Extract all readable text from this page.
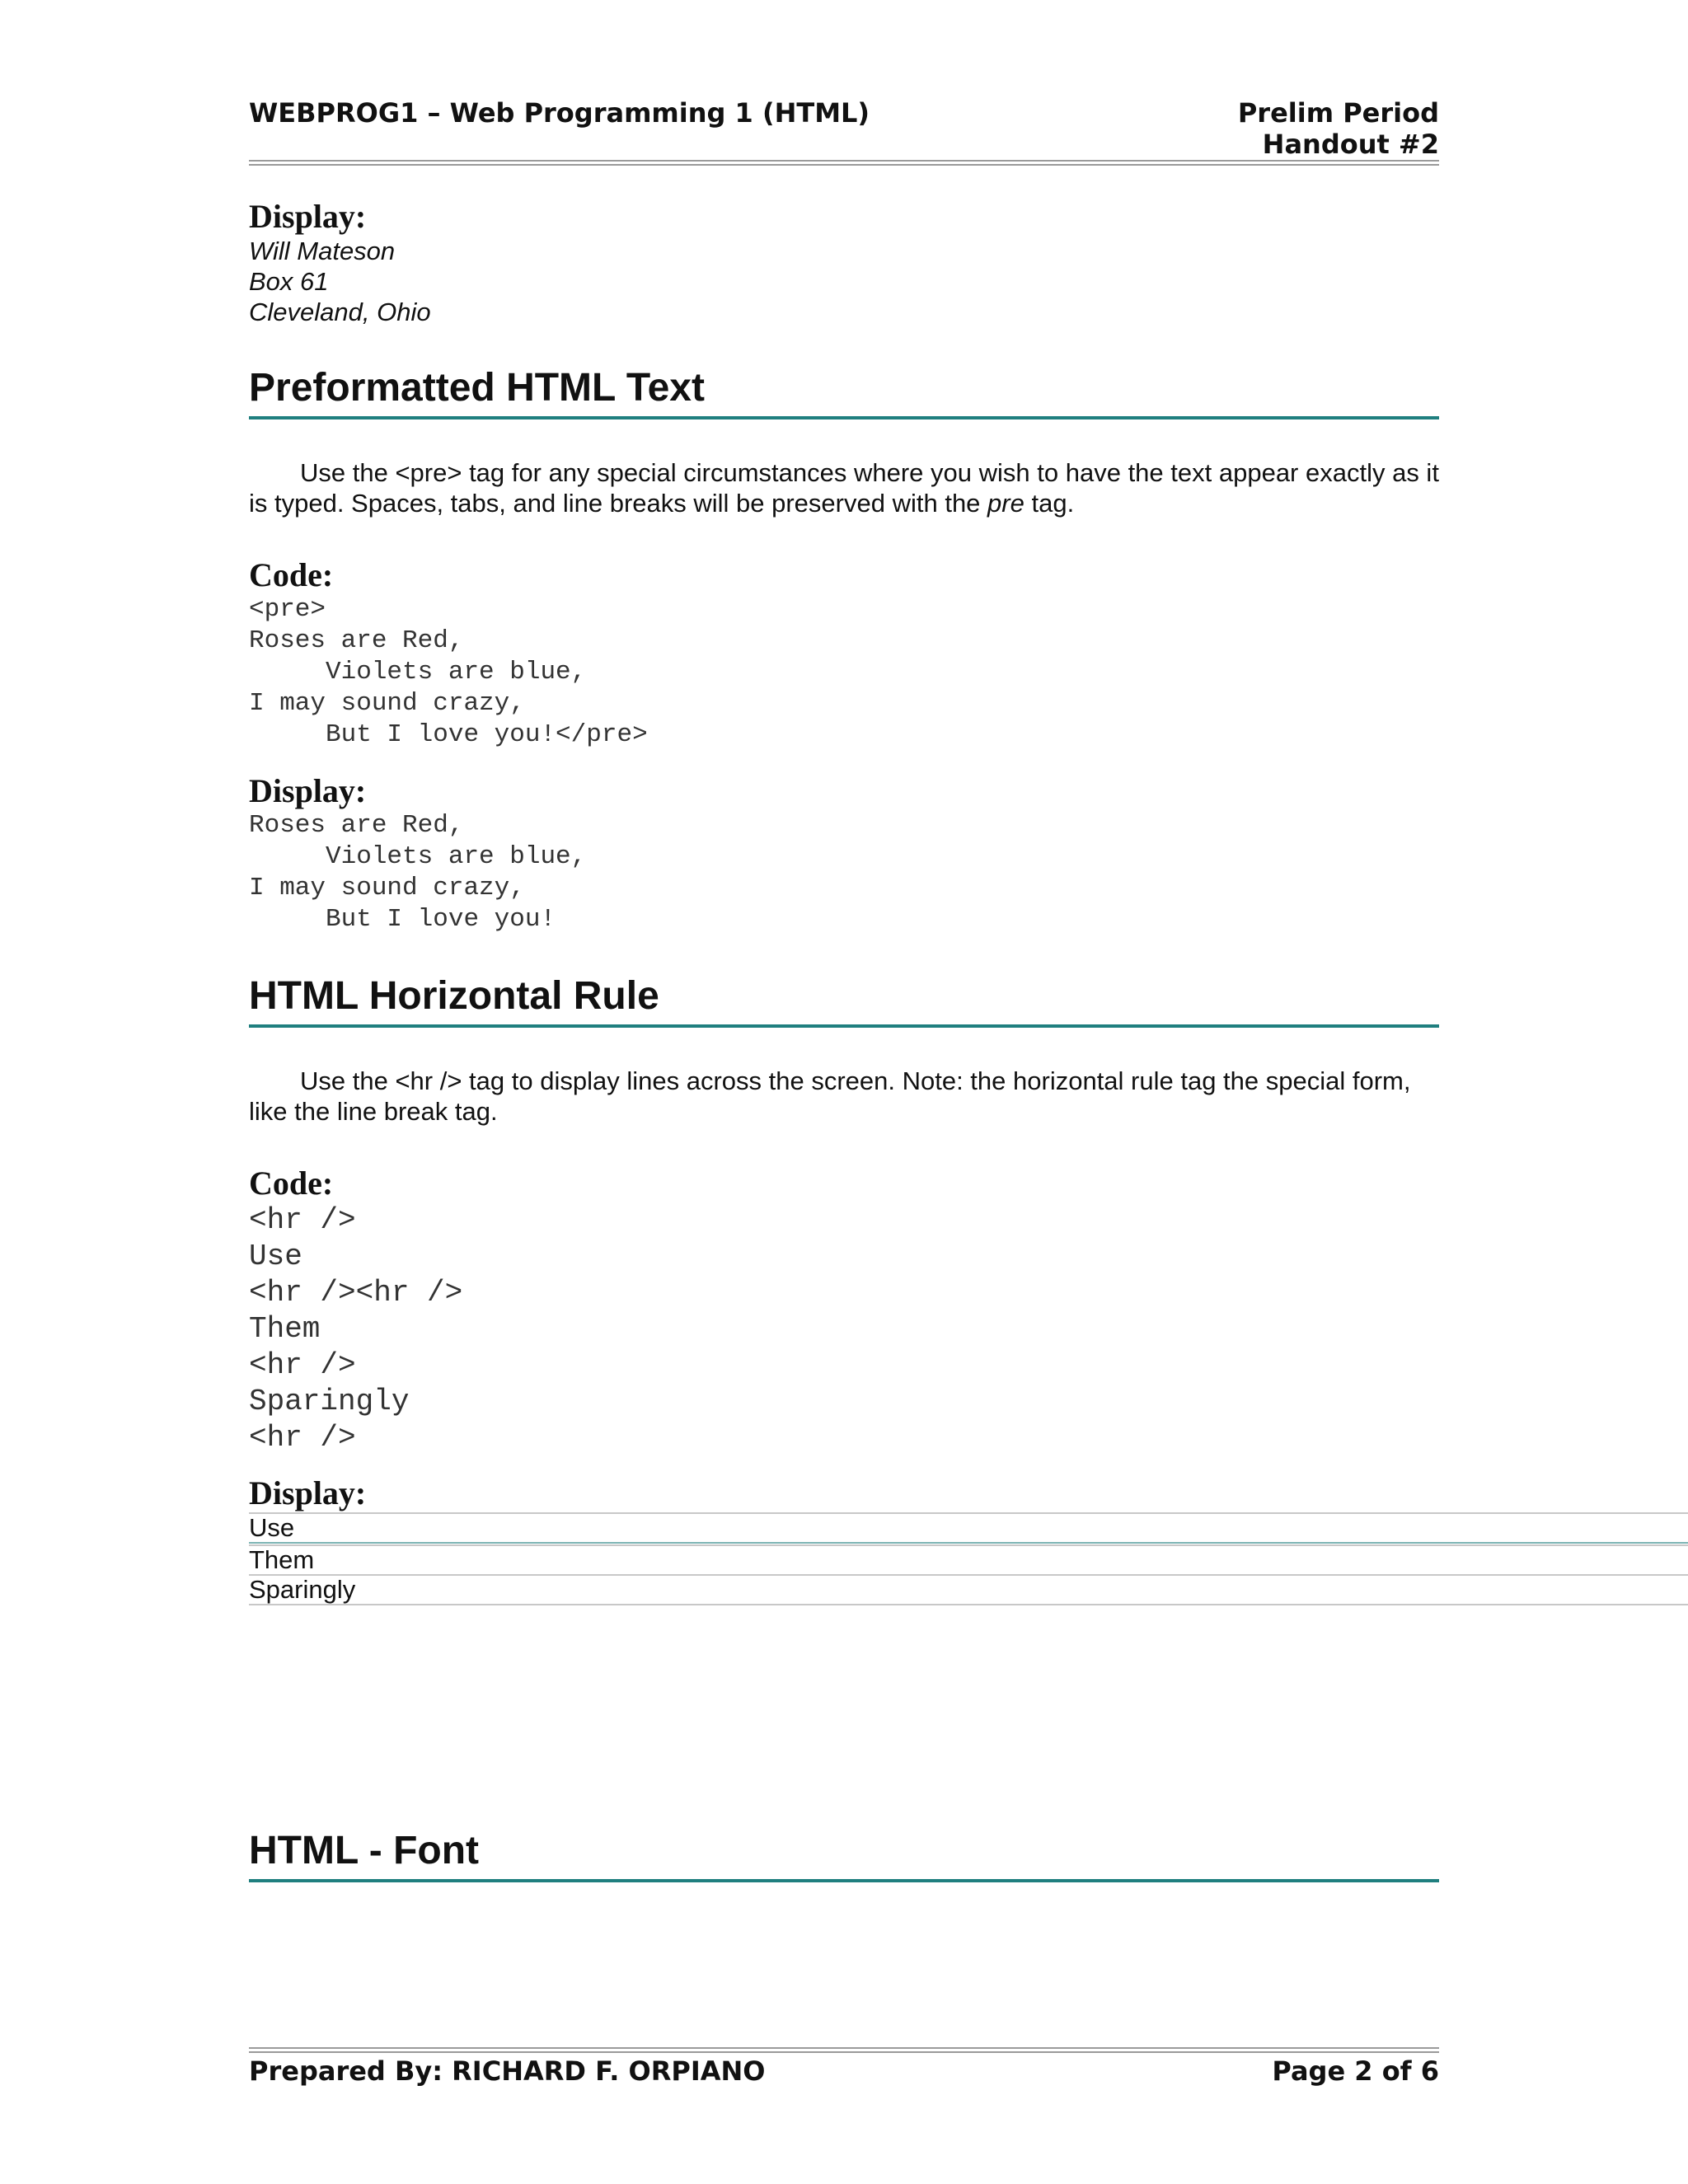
WEBPROG1 – Web Programming 1 (HTML)	Prelim Period
Handout #2
Display:
Will Mateson
Box 61
Cleveland, Ohio
Preformatted HTML Text

Use the <pre> tag for any special circumstances where you wish to have the text appear exactly as it is typed. Spaces, tabs, and line breaks will be preserved with the pre tag.

Code:
<pre>
Roses are Red,
Violets are blue,
I may sound crazy,
But I love you!</pre>
Display:
Roses are Red,
Violets are blue,
I may sound crazy,
But I love you!
HTML Horizontal Rule

Use the <hr /> tag to display lines across the screen. Note: the horizontal rule tag the special form, like the line break tag.

Code:
<hr />
Use
<hr /><hr />
Them
<hr />
Sparingly
<hr />
Display:
Use
Them
Sparingly
HTML - Font
Prepared By: RICHARD F. ORPIANO	Page 2 of 6
